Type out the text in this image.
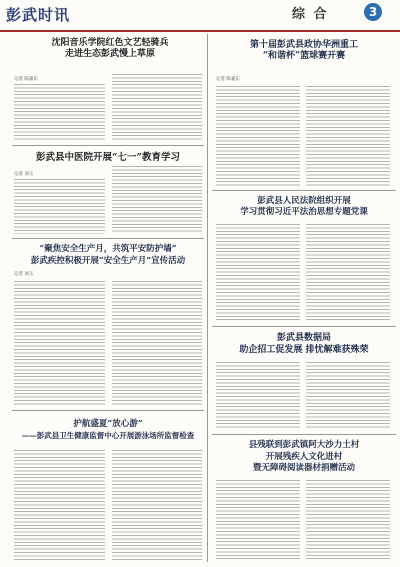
彭武时讯	综 合	3
沈阳音乐学院红色文艺轻骑兵
走进生态彭武慢上草原
记者 陈嘉东
彭武县中医院开展“七一”教育学习
记者 刘玉
“聚焦安全生产月，共筑平安防护墙”
彭武疾控积极开展“安全生产月”宣传活动
记者 刘玉
护航盛夏“放心游”
——彭武县卫生健康监督中心开展游泳场所监督检查
第十届彭武县政协华洲重工
“和谐杯”篮球赛开赛
记者 陈嘉东
彭武县人民法院组织开展
学习贯彻习近平法治思想专题党课
彭武县数据局
助企招工促发展 排忧解难获殊荣
县残联到彭武镇阿大沙力土村
开展残疾人文化进村
暨无障碍阅读器材捐赠活动
